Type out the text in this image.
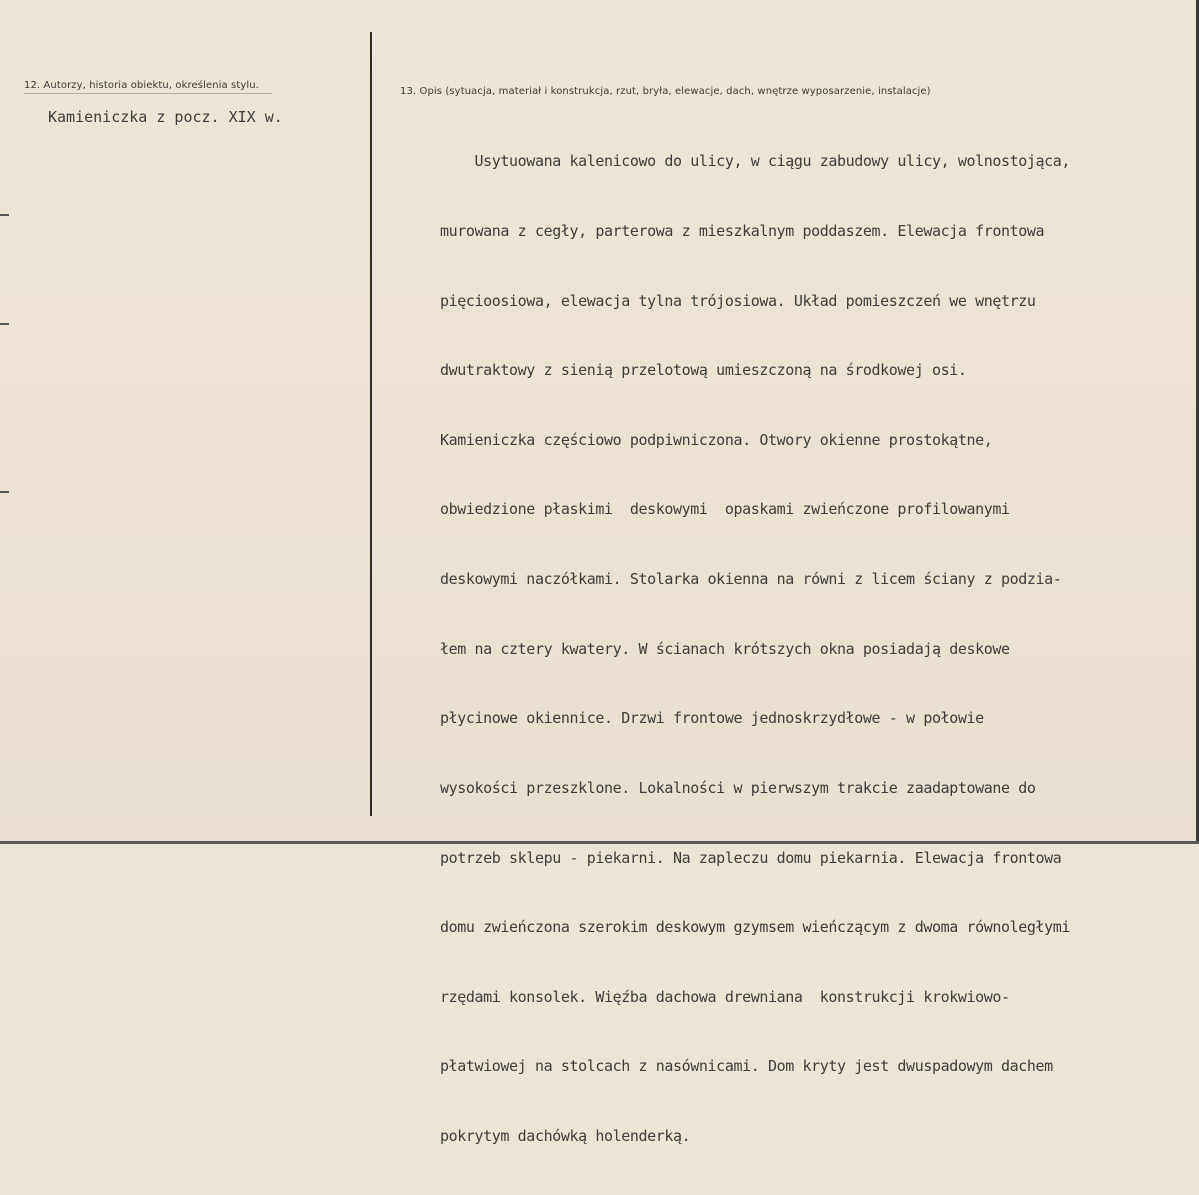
12. Autorzy, historia obiektu, określenia stylu.
Kamieniczka z pocz. XIX w.
13. Opis (sytuacja, materiał i konstrukcja, rzut, bryła, elewacje, dach, wnętrze wyposarzenie, instalacje)

Usytuowana kalenicowo do ulicy, w ciągu zabudowy ulicy, wolnostojąca,

murowana z cegły, parterowa z mieszkalnym poddaszem. Elewacja frontowa

pięcioosiowa, elewacja tylna trójosiowa. Układ pomieszczeń we wnętrzu

dwutraktowy z sienią przelotową umieszczoną na środkowej osi.

Kamieniczka częściowo podpiwniczona. Otwory okienne prostokątne,

obwiedzione płaskimi  deskowymi  opaskami zwieńczone profilowanymi

deskowymi naczółkami. Stolarka okienna na równi z licem ściany z podzia-

łem na cztery kwatery. W ścianach krótszych okna posiadają deskowe

płycinowe okiennice. Drzwi frontowe jednoskrzydłowe - w połowie

wysokości przeszklone. Lokalności w pierwszym trakcie zaadaptowane do

potrzeb sklepu - piekarni. Na zapleczu domu piekarnia. Elewacja frontowa

domu zwieńczona szerokim deskowym gzymsem wieńczącym z dwoma równoległymi

rzędami konsolek. Więźba dachowa drewniana  konstrukcji krokwiowo-

płatwiowej na stolcach z nasównicami. Dom kryty jest dwuspadowym dachem

pokrytym dachówką holenderką.
